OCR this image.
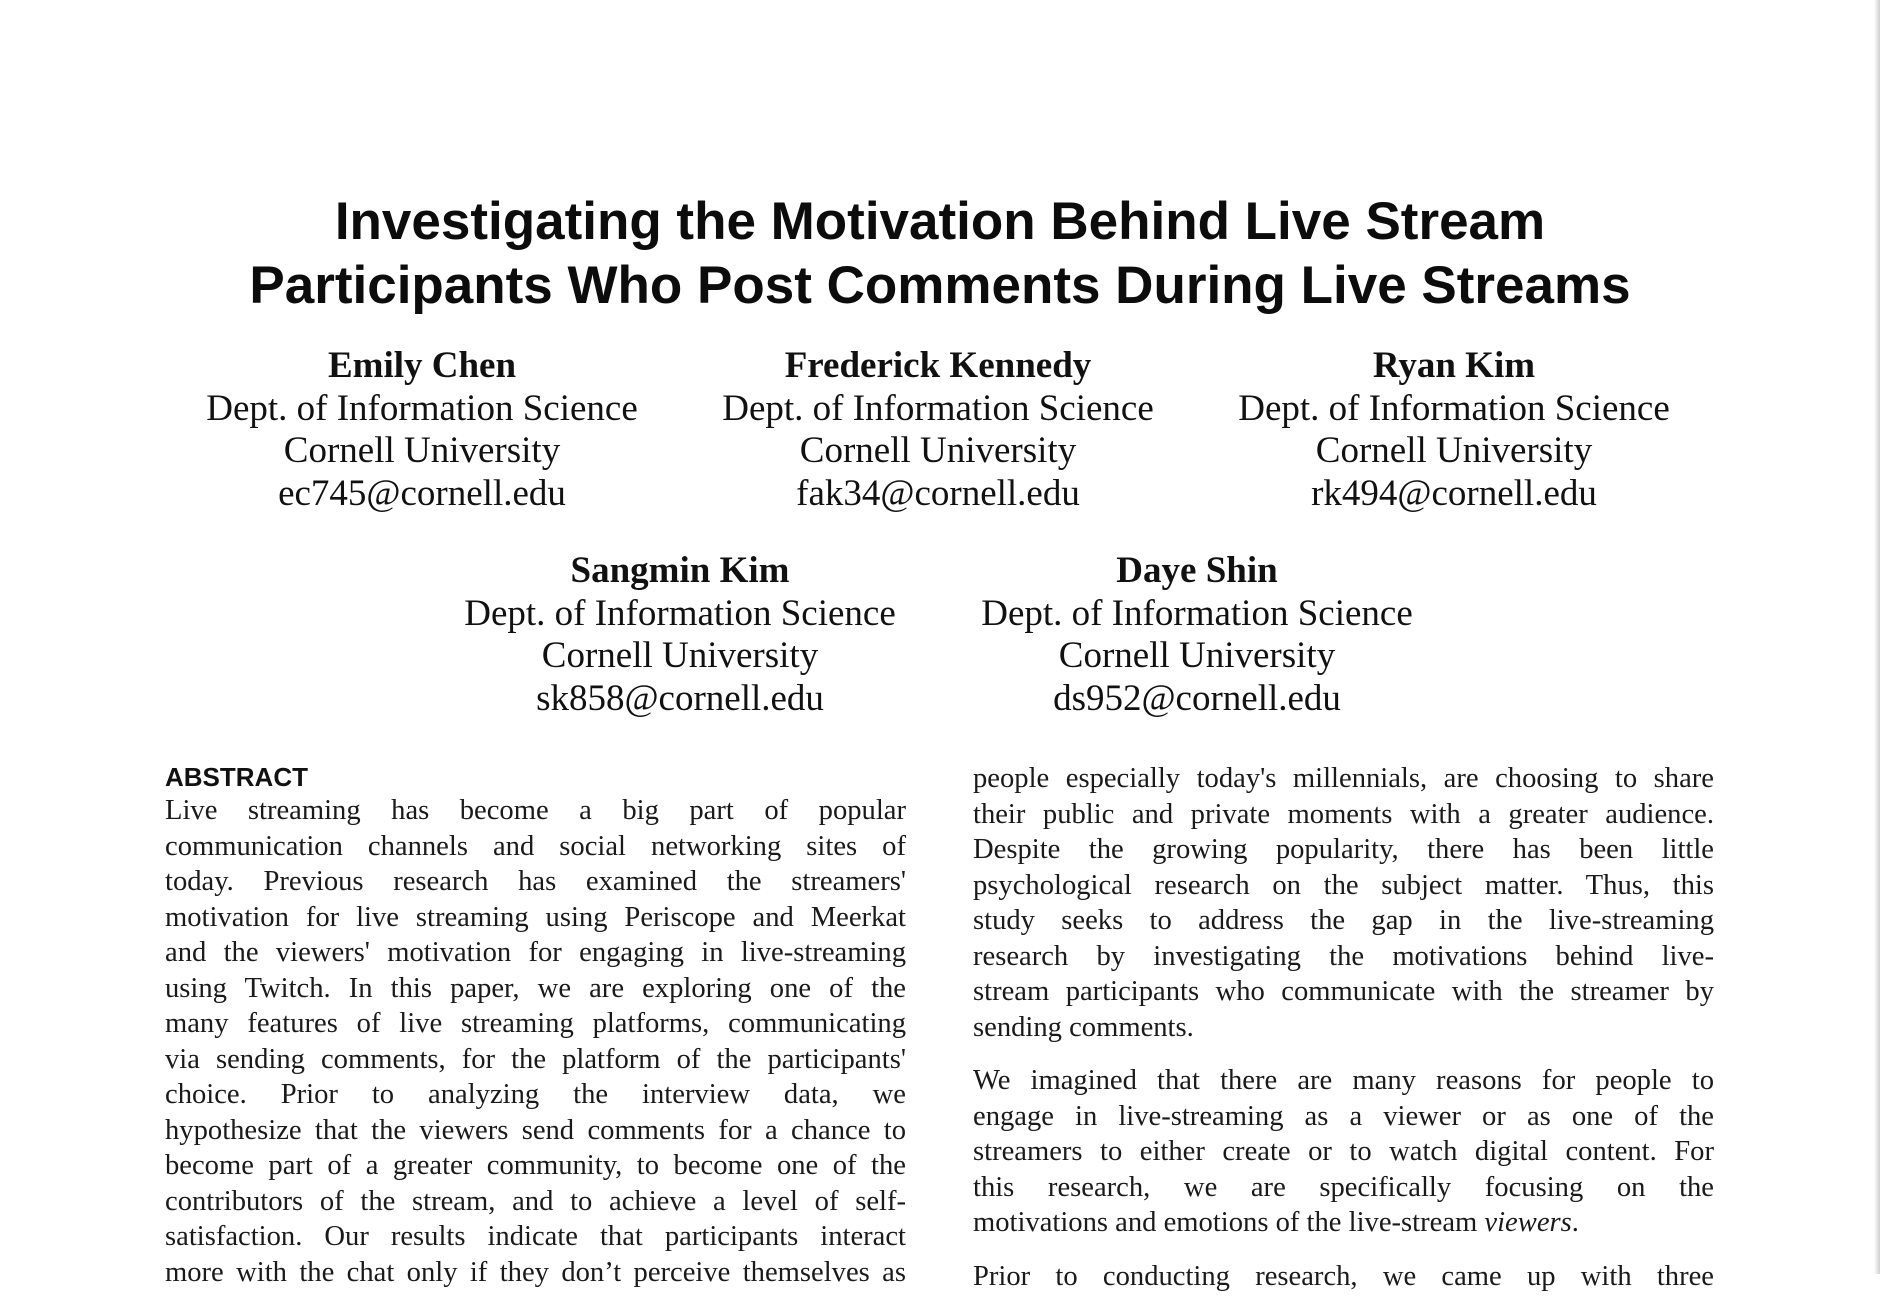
Investigating the Motivation Behind Live Stream
Participants Who Post Comments During Live Streams
Emily Chen
Dept. of Information Science
Cornell University
ec745@cornell.edu
Frederick Kennedy
Dept. of Information Science
Cornell University
fak34@cornell.edu
Ryan Kim
Dept. of Information Science
Cornell University
rk494@cornell.edu
Sangmin Kim
Dept. of Information Science
Cornell University
sk858@cornell.edu
Daye Shin
Dept. of Information Science
Cornell University
ds952@cornell.edu
ABSTRACT
Live streaming has become a big part of popular
communication channels and social networking sites of
today. Previous research has examined the streamers'
motivation for live streaming using Periscope and Meerkat
and the viewers' motivation for engaging in live-streaming
using Twitch. In this paper, we are exploring one of the
many features of live streaming platforms, communicating
via sending comments, for the platform of the participants'
choice. Prior to analyzing the interview data, we
hypothesize that the viewers send comments for a chance to
become part of a greater community, to become one of the
contributors of the stream, and to achieve a level of self-
satisfaction. Our results indicate that participants interact
more with the chat only if they don’t perceive themselves as
people especially today's millennials, are choosing to share
their public and private moments with a greater audience.
Despite the growing popularity, there has been little
psychological research on the subject matter. Thus, this
study seeks to address the gap in the live-streaming
research by investigating the motivations behind live-
stream participants who communicate with the streamer by
sending comments.
We imagined that there are many reasons for people to
engage in live-streaming as a viewer or as one of the
streamers to either create or to watch digital content. For
this research, we are specifically focusing on the
motivations and emotions of the live-stream viewers.
Prior to conducting research, we came up with three
